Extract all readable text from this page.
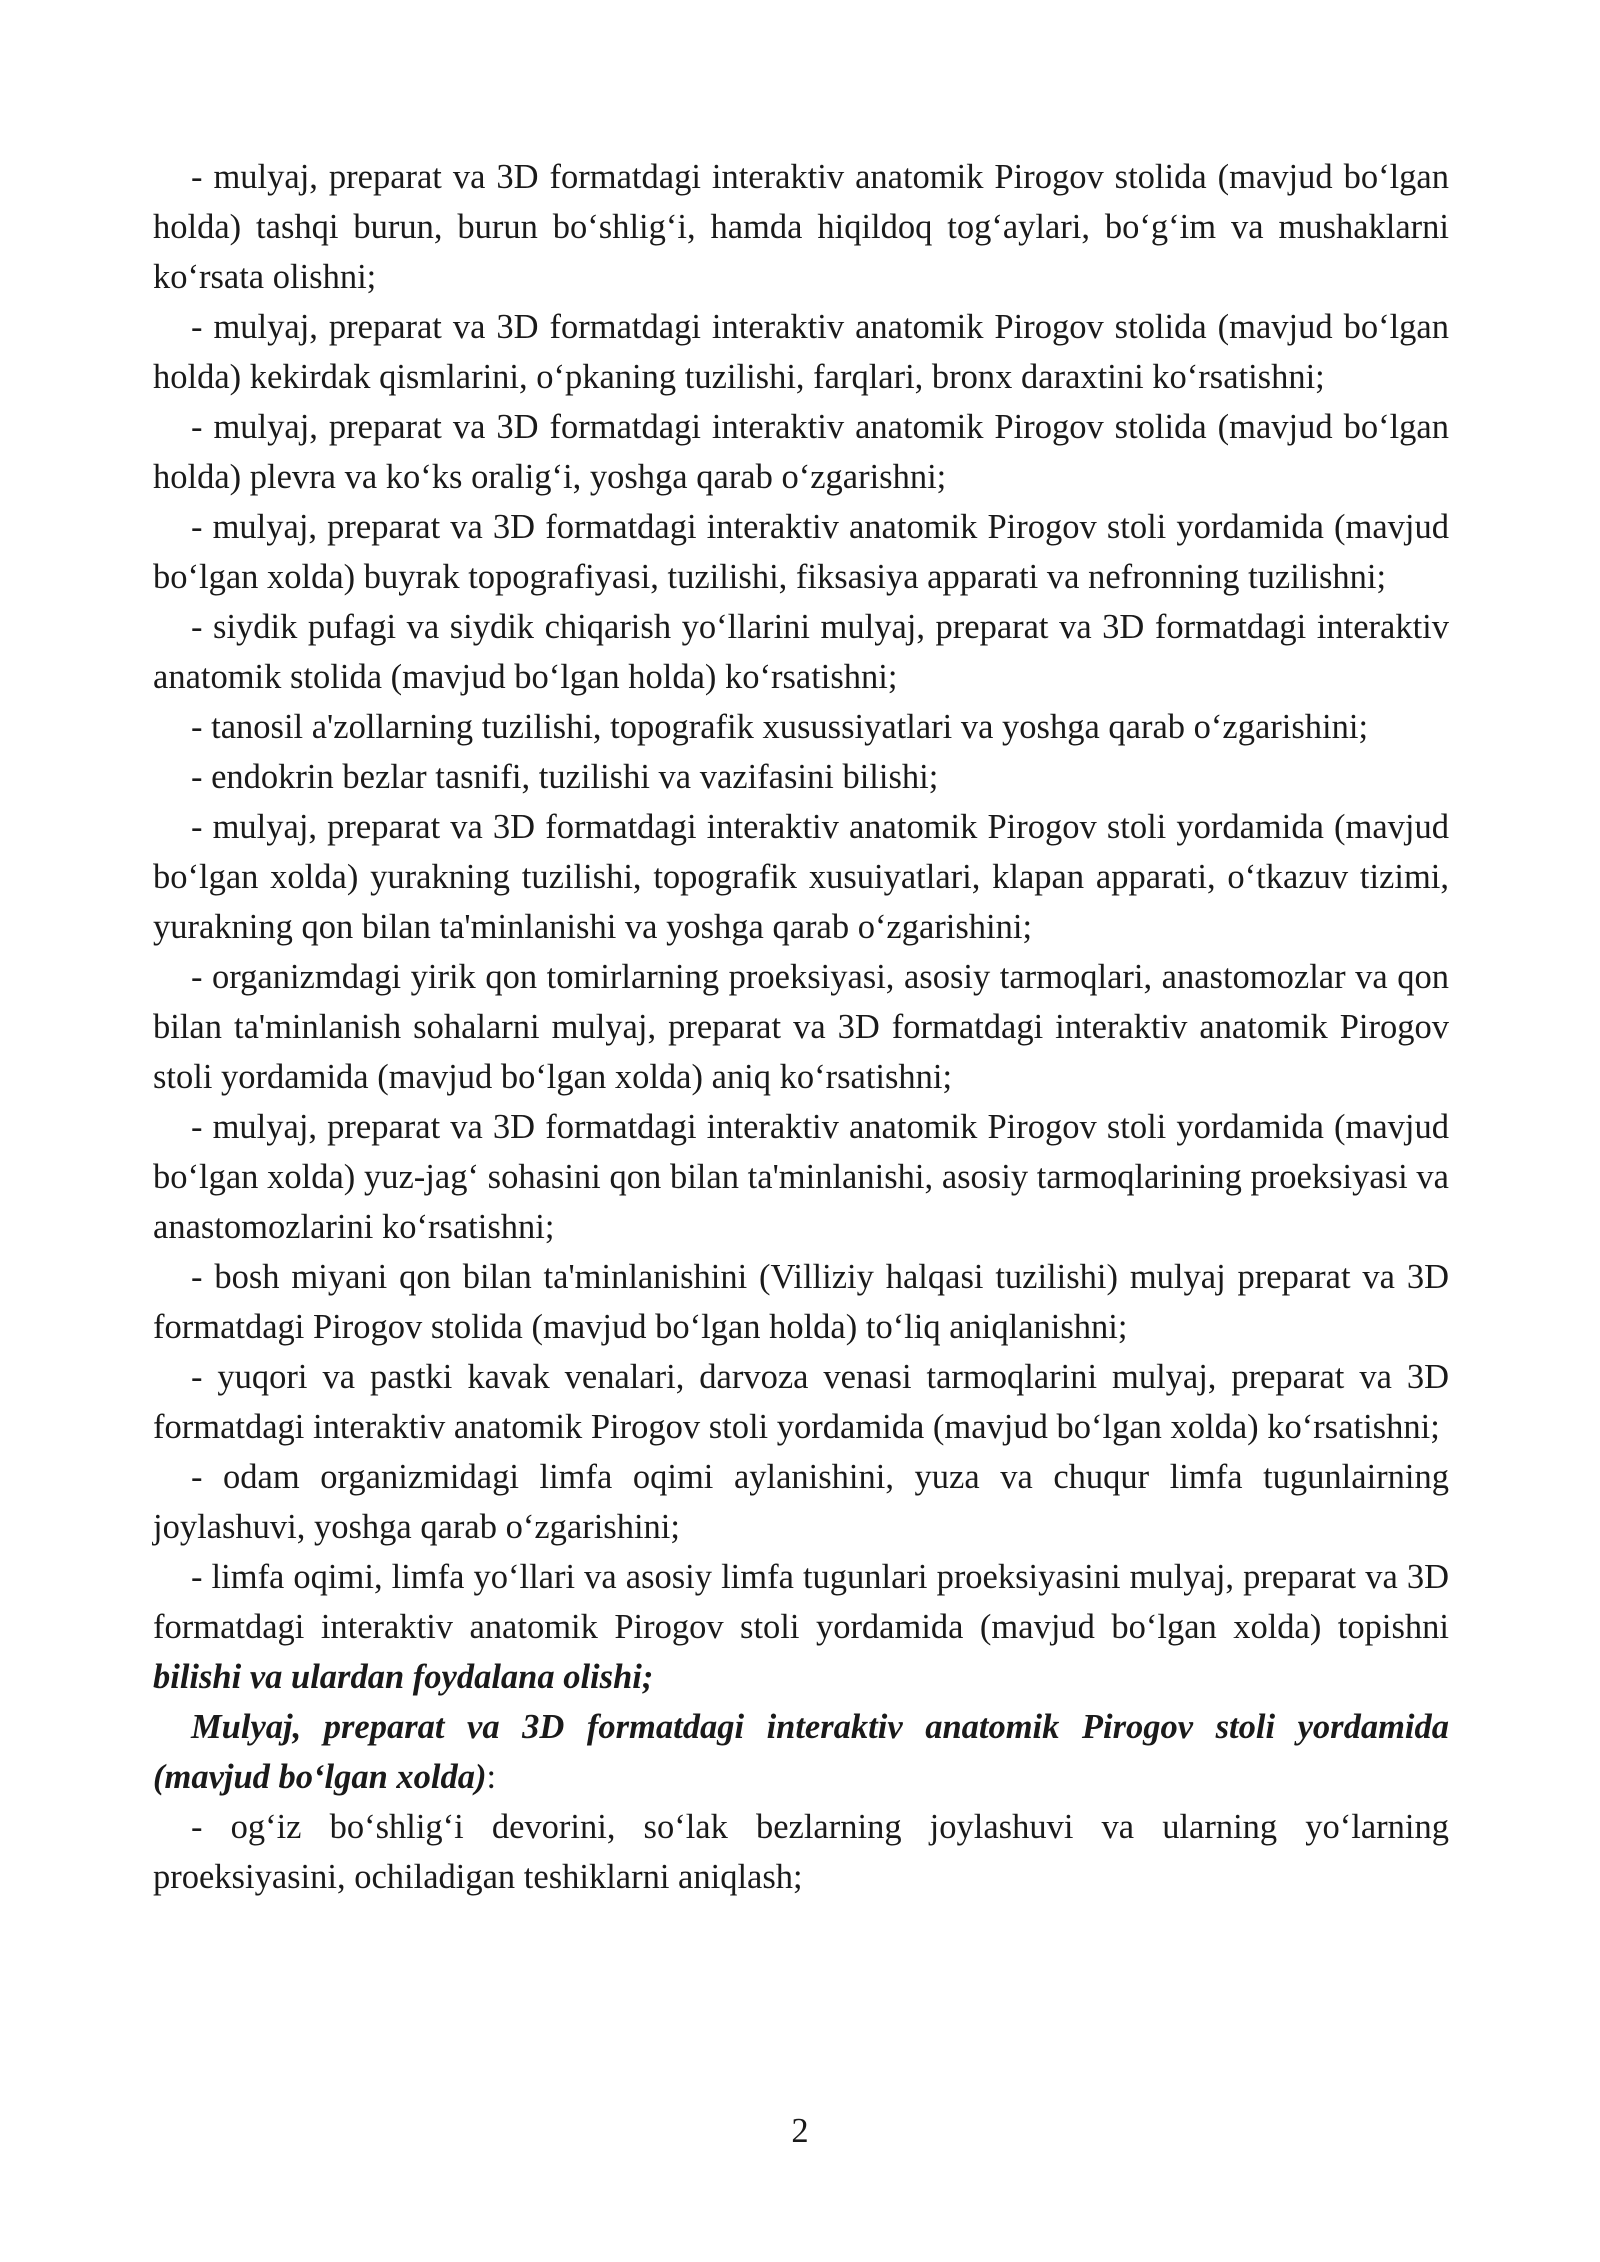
- mulyaj, preparat va 3D formatdagi interaktiv anatomik Pirogov stolida (mavjud bo‘lgan holda) tashqi burun, burun bo‘shlig‘i, hamda hiqildoq tog‘aylari, bo‘g‘im va mushaklarni ko‘rsata olishni;

- mulyaj, preparat va 3D formatdagi interaktiv anatomik Pirogov stolida (mavjud bo‘lgan holda) kekirdak qismlarini, o‘pkaning tuzilishi, farqlari, bronx daraxtini ko‘rsatishni;

- mulyaj, preparat va 3D formatdagi interaktiv anatomik Pirogov stolida (mavjud bo‘lgan holda) plevra va ko‘ks oralig‘i, yoshga qarab o‘zgarishni;

- mulyaj, preparat va 3D formatdagi interaktiv anatomik Pirogov stoli yordamida (mavjud bo‘lgan xolda) buyrak topografiyasi, tuzilishi, fiksasiya apparati va nefronning tuzilishni;

- siydik pufagi va siydik chiqarish yo‘llarini mulyaj, preparat va 3D formatdagi interaktiv anatomik stolida (mavjud bo‘lgan holda) ko‘rsatishni;

- tanosil a'zollarning tuzilishi, topografik xusussiyatlari va yoshga qarab o‘zgarishini;

- endokrin bezlar tasnifi, tuzilishi va vazifasini bilishi;

- mulyaj, preparat va 3D formatdagi interaktiv anatomik Pirogov stoli yordamida (mavjud bo‘lgan xolda) yurakning tuzilishi, topografik xusuiyatlari, klapan apparati, o‘tkazuv tizimi, yurakning qon bilan ta'minlanishi va yoshga qarab o‘zgarishini;

- organizmdagi yirik qon tomirlarning proeksiyasi, asosiy tarmoqlari, anastomozlar va qon bilan ta'minlanish sohalarni mulyaj, preparat va 3D formatdagi interaktiv anatomik Pirogov stoli yordamida (mavjud bo‘lgan xolda) aniq ko‘rsatishni;

- mulyaj, preparat va 3D formatdagi interaktiv anatomik Pirogov stoli yordamida (mavjud bo‘lgan xolda) yuz-jag‘ sohasini qon bilan ta'minlanishi, asosiy tarmoqlarining proeksiyasi va anastomozlarini ko‘rsatishni;

- bosh miyani qon bilan ta'minlanishini (Villiziy halqasi tuzilishi) mulyaj preparat va 3D formatdagi Pirogov stolida (mavjud bo‘lgan holda) to‘liq aniqlanishni;

- yuqori va pastki kavak venalari, darvoza venasi tarmoqlarini mulyaj, preparat va 3D formatdagi interaktiv anatomik Pirogov stoli yordamida (mavjud bo‘lgan xolda) ko‘rsatishni;

- odam organizmidagi limfa oqimi aylanishini, yuza va chuqur limfa tugunlairning joylashuvi, yoshga qarab o‘zgarishini;

- limfa oqimi, limfa yo‘llari va asosiy limfa tugunlari proeksiyasini mulyaj, preparat va 3D formatdagi interaktiv anatomik Pirogov stoli yordamida (mavjud bo‘lgan xolda) topishni bilishi va ulardan foydalana olishi;

Mulyaj, preparat va 3D formatdagi interaktiv anatomik Pirogov stoli yordamida (mavjud bo‘lgan xolda):

- og‘iz bo‘shlig‘i devorini, so‘lak bezlarning joylashuvi va ularning yo‘larning proeksiyasini, ochiladigan teshiklarni aniqlash;

2
